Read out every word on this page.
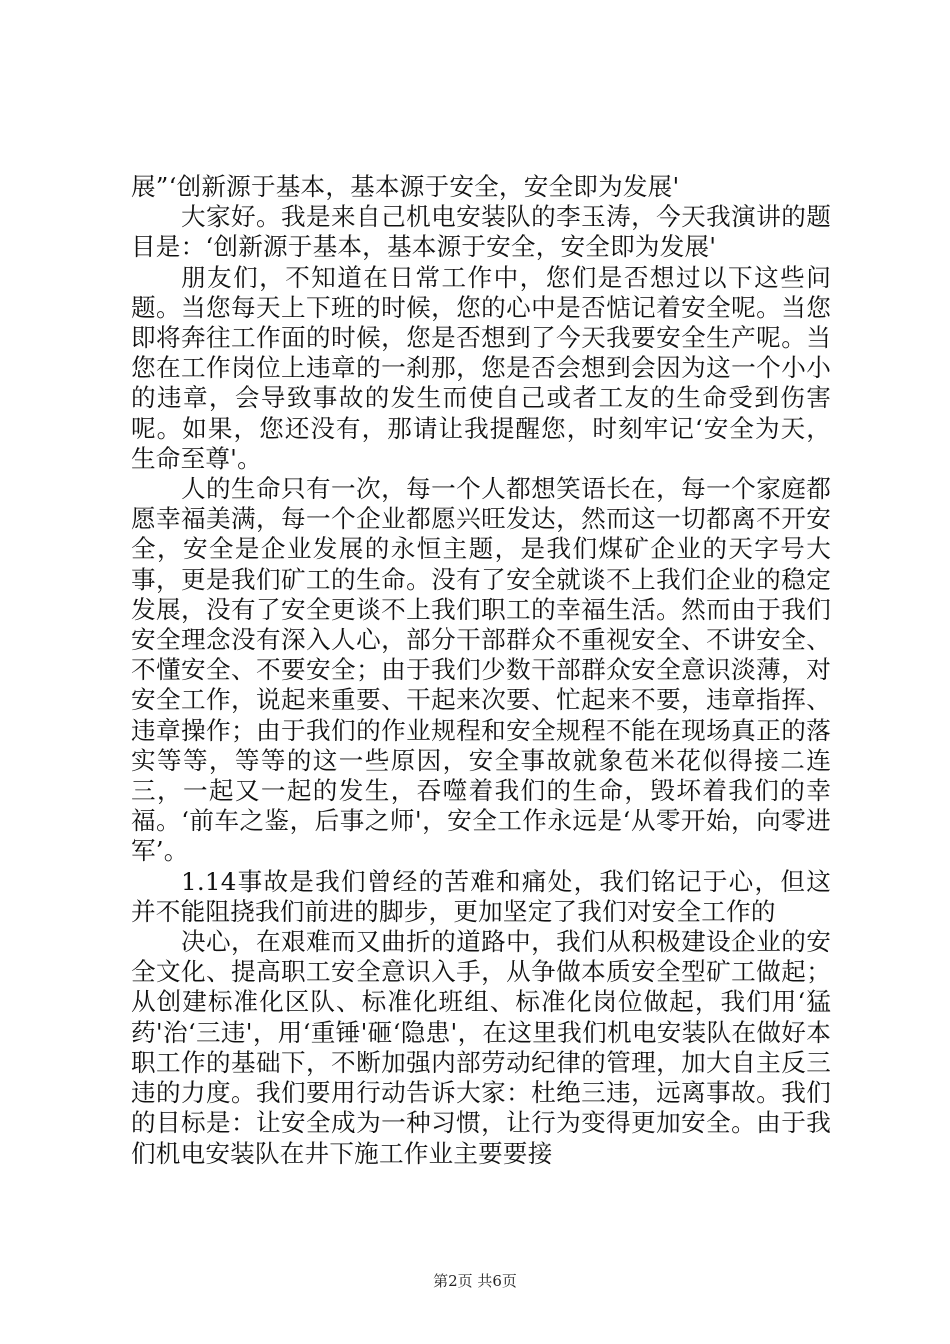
展”‘创新源于基本，基本源于安全，安全即为发展'

大家好。我是来自己机电安装队的李玉涛，今天我演讲的题目是：‘创新源于基本，基本源于安全，安全即为发展'

朋友们，不知道在日常工作中，您们是否想过以下这些问题。当您每天上下班的时候，您的心中是否惦记着安全呢。当您即将奔往工作面的时候，您是否想到了今天我要安全生产呢。当您在工作岗位上违章的一刹那，您是否会想到会因为这一个小小的违章，会导致事故的发生而使自己或者工友的生命受到伤害呢。如果，您还没有，那请让我提醒您，时刻牢记‘安全为天，生命至尊'。

人的生命只有一次，每一个人都想笑语长在，每一个家庭都愿幸福美满，每一个企业都愿兴旺发达，然而这一切都离不开安全，安全是企业发展的永恒主题，是我们煤矿企业的天字号大事，更是我们矿工的生命。没有了安全就谈不上我们企业的稳定发展，没有了安全更谈不上我们职工的幸福生活。然而由于我们安全理念没有深入人心，部分干部群众不重视安全、不讲安全、不懂安全、不要安全；由于我们少数干部群众安全意识淡薄，对安全工作，说起来重要、干起来次要、忙起来不要，违章指挥、违章操作；由于我们的作业规程和安全规程不能在现场真正的落实等等，等等的这一些原因，安全事故就象苞米花似得接二连三，一起又一起的发生，吞噬着我们的生命，毁坏着我们的幸福。‘前车之鉴，后事之师'，安全工作永远是‘从零开始，向零进军’。

1.14事故是我们曾经的苦难和痛处，我们铭记于心，但这并不能阻挠我们前进的脚步，更加坚定了我们对安全工作的

决心，在艰难而又曲折的道路中，我们从积极建设企业的安全文化、提高职工安全意识入手，从争做本质安全型矿工做起；从创建标准化区队、标准化班组、标准化岗位做起，我们用‘猛药'治‘三违'，用‘重锤'砸‘隐患'，在这里我们机电安装队在做好本职工作的基础下，不断加强内部劳动纪律的管理，加大自主反三违的力度。我们要用行动告诉大家：杜绝三违，远离事故。我们的目标是：让安全成为一种习惯，让行为变得更加安全。由于我们机电安装队在井下施工作业主要要接

第2页 共6页
